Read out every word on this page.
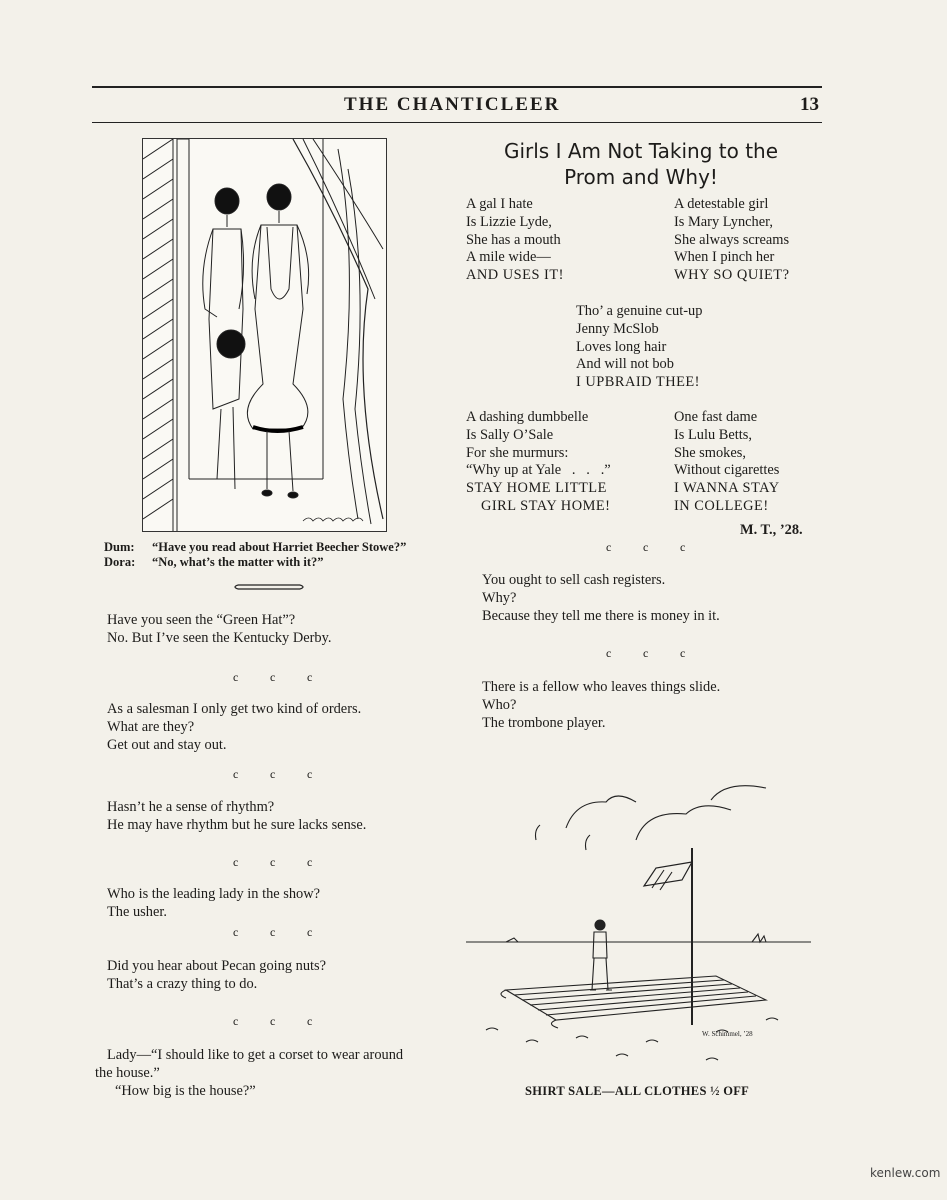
THE CHANTICLEER	13
Dum: “Have you read about Harriet Beecher Stowe?”
Dora: “No, what’s the matter with it?”
Have you seen the “Green Hat”?
No. But I’ve seen the Kentucky Derby.
c	c	c
As a salesman I only get two kind of orders.
What are they?
Get out and stay out.
c	c	c
Hasn’t he a sense of rhythm?
He may have rhythm but he sure lacks sense.
c	c	c
Who is the leading lady in the show?
The usher.
c	c	c
Did you hear about Pecan going nuts?
That’s a crazy thing to do.
c	c	c
Lady—“I should like to get a corset to wear around
the house.”
“How big is the house?”
Girls I Am Not Taking to the
Prom and Why!
A gal I hate
Is Lizzie Lyde,
She has a mouth
A mile wide—
AND USES IT!
A detestable girl
Is Mary Lyncher,
She always screams
When I pinch her
WHY SO QUIET?
Tho’ a genuine cut-up
Jenny McSlob
Loves long hair
And will not bob
I UPBRAID THEE!
A dashing dumbbelle
Is Sally O’Sale
For she murmurs:
“Why up at Yale   .   .   .”
STAY HOME LITTLE
GIRL STAY HOME!
One fast dame
Is Lulu Betts,
She smokes,
Without cigarettes
I WANNA STAY
IN COLLEGE!
M. T., ’28.
c	c	c
You ought to sell cash registers.
Why?
Because they tell me there is money in it.
c	c	c
There is a fellow who leaves things slide.
Who?
The trombone player.
W. Schimmel, ’28
SHIRT SALE—ALL CLOTHES ½ OFF
kenlew.com
